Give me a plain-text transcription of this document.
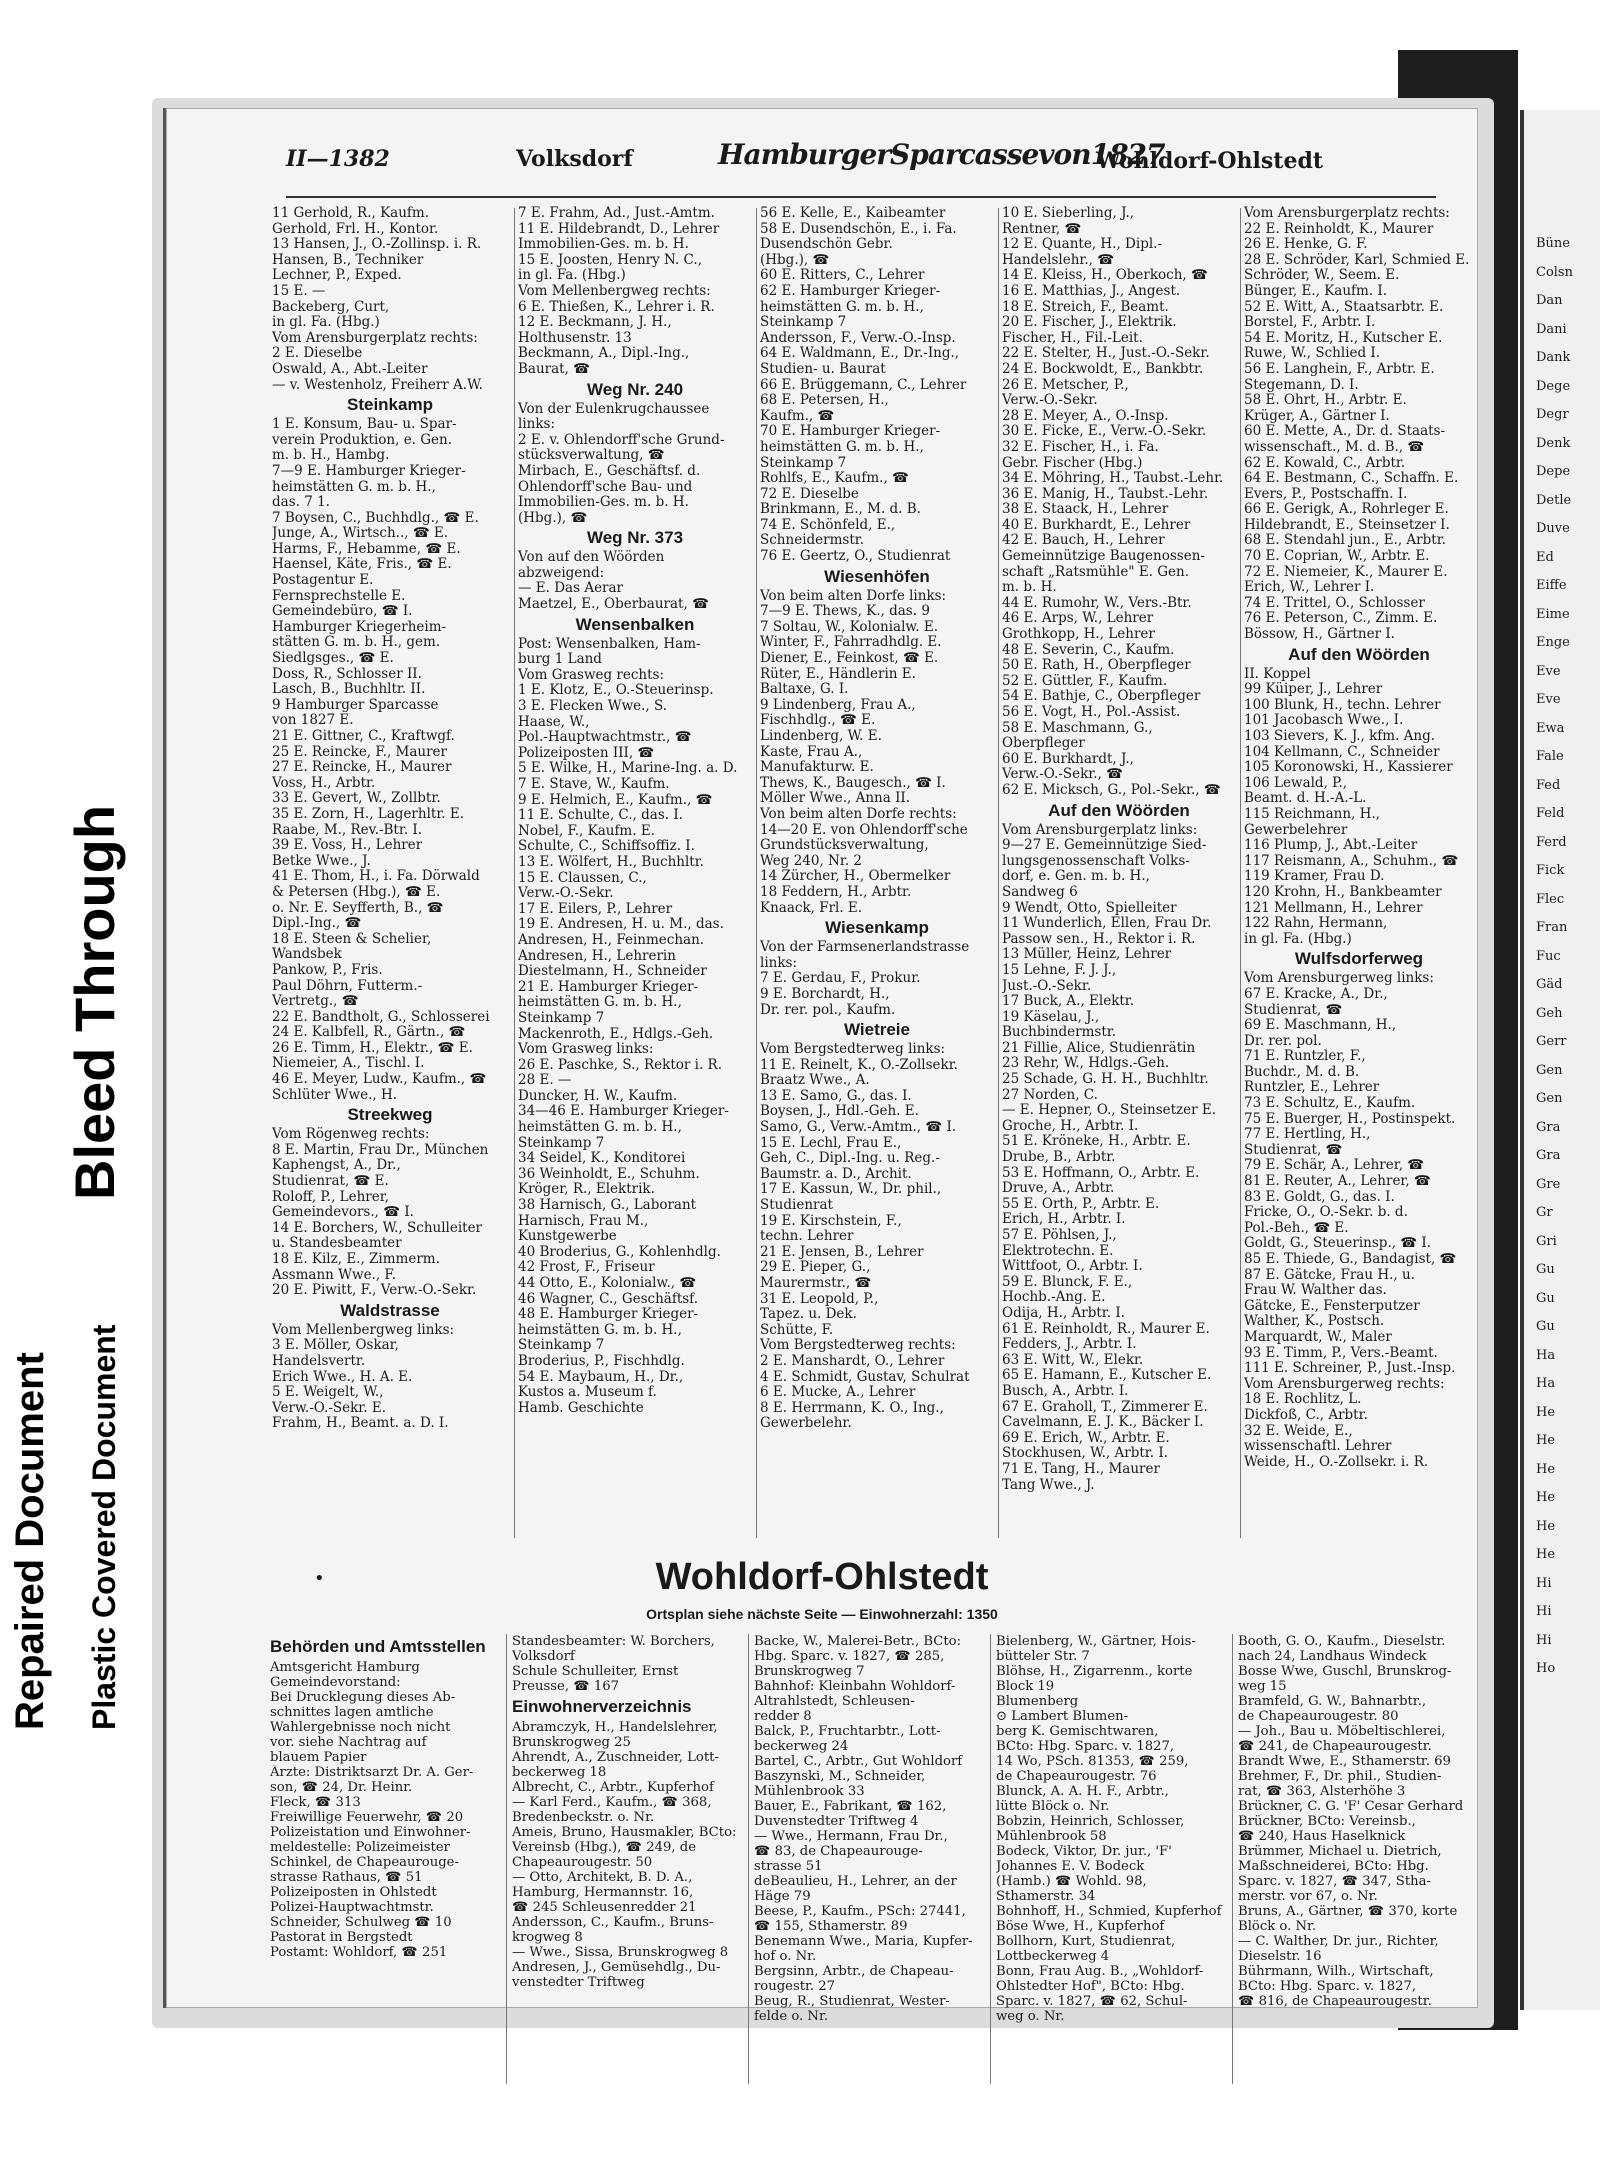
II—1382	Volksdorf	HamburgerSparcassevon1827
Wohldorf-Ohlstedt
11 Gerhold, R., Kaufm.
Gerhold, Frl. H., Kontor.
13 Hansen, J., O.-Zollinsp. i. R.
Hansen, B., Techniker
Lechner, P., Exped.
15 E. —
Backeberg, Curt,
in gl. Fa. (Hbg.)
Vom Arensburgerplatz rechts:
2 E. Dieselbe
Oswald, A., Abt.-Leiter
— v. Westenholz, Freiherr A.W.
Steinkamp
1 E. Konsum, Bau- u. Spar-
verein Produktion, e. Gen.
m. b. H., Hambg.
7—9 E. Hamburger Krieger-
heimstätten G. m. b. H.,
das. 7 1.
7 Boysen, C., Buchhdlg., ☎ E.
Junge, A., Wirtsch.., ☎ E.
Harms, F., Hebamme, ☎ E.
Haensel, Käte, Fris., ☎ E.
Postagentur E.
Fernsprechstelle E.
Gemeindebüro, ☎ I.
Hamburger Kriegerheim-
stätten G. m. b. H., gem.
Siedlgsges., ☎ E.
Doss, R., Schlosser II.
Lasch, B., Buchhltr. II.
9 Hamburger Sparcasse
von 1827 E.
21 E. Gittner, C., Kraftwgf.
25 E. Reincke, F., Maurer
27 E. Reincke, H., Maurer
Voss, H., Arbtr.
33 E. Gevert, W., Zollbtr.
35 E. Zorn, H., Lagerhltr. E.
Raabe, M., Rev.-Btr. I.
39 E. Voss, H., Lehrer
Betke Wwe., J.
41 E. Thom, H., i. Fa. Dörwald
& Petersen (Hbg.), ☎ E.
o. Nr. E. Seyfferth, B., ☎
Dipl.-Ing., ☎
18 E. Steen & Schelier,
Wandsbek
Pankow, P., Fris.
Paul Döhrn, Futterm.-
Vertretg., ☎
22 E. Bandtholt, G., Schlosserei
24 E. Kalbfell, R., Gärtn., ☎
26 E. Timm, H., Elektr., ☎ E.
Niemeier, A., Tischl. I.
46 E. Meyer, Ludw., Kaufm., ☎
Schlüter Wwe., H.
Streekweg
Vom Rögenweg rechts:
8 E. Martin, Frau Dr., München
Kaphengst, A., Dr.,
Studienrat, ☎ E.
Roloff, P., Lehrer,
Gemeindevors., ☎ I.
14 E. Borchers, W., Schulleiter
u. Standesbeamter
18 E. Kilz, E., Zimmerm.
Assmann Wwe., F.
20 E. Piwitt, F., Verw.-O.-Sekr.
Waldstrasse
Vom Mellenbergweg links:
3 E. Möller, Oskar,
Handelsvertr.
Erich Wwe., H. A. E.
5 E. Weigelt, W.,
Verw.-O.-Sekr. E.
Frahm, H., Beamt. a. D. I.
7 E. Frahm, Ad., Just.-Amtm.
11 E. Hildebrandt, D., Lehrer
Immobilien-Ges. m. b. H.
15 E. Joosten, Henry N. C.,
in gl. Fa. (Hbg.)
Vom Mellenbergweg rechts:
6 E. Thießen, K., Lehrer i. R.
12 E. Beckmann, J. H.,
Holthusenstr. 13
Beckmann, A., Dipl.-Ing.,
Baurat, ☎
Weg Nr. 240
Von der Eulenkrugchaussee
links:
2 E. v. Ohlendorff'sche Grund-
stücksverwaltung, ☎
Mirbach, E., Geschäftsf. d.
Ohlendorff'sche Bau- und
Immobilien-Ges. m. b. H.
(Hbg.), ☎
Weg Nr. 373
Von auf den Wöörden
abzweigend:
— E. Das Aerar
Maetzel, E., Oberbaurat, ☎
Wensenbalken
Post: Wensenbalken, Ham-
burg 1 Land
Vom Grasweg rechts:
1 E. Klotz, E., O.-Steuerinsp.
3 E. Flecken Wwe., S.
Haase, W.,
Pol.-Hauptwachtmstr., ☎
Polizeiposten III, ☎
5 E. Wilke, H., Marine-Ing. a. D.
7 E. Stave, W., Kaufm.
9 E. Helmich, E., Kaufm., ☎
11 E. Schulte, C., das. I.
Nobel, F., Kaufm. E.
Schulte, C., Schiffsoffiz. I.
13 E. Wölfert, H., Buchhltr.
15 E. Claussen, C.,
Verw.-O.-Sekr.
17 E. Eilers, P., Lehrer
19 E. Andresen, H. u. M., das.
Andresen, H., Feinmechan.
Andresen, H., Lehrerin
Diestelmann, H., Schneider
21 E. Hamburger Krieger-
heimstätten G. m. b. H.,
Steinkamp 7
Mackenroth, E., Hdlgs.-Geh.
Vom Grasweg links:
26 E. Paschke, S., Rektor i. R.
28 E. —
Duncker, H. W., Kaufm.
34—46 E. Hamburger Krieger-
heimstätten G. m. b. H.,
Steinkamp 7
34 Seidel, K., Konditorei
36 Weinholdt, E., Schuhm.
Kröger, R., Elektrik.
38 Harnisch, G., Laborant
Harnisch, Frau M.,
Kunstgewerbe
40 Broderius, G., Kohlenhdlg.
42 Frost, F., Friseur
44 Otto, E., Kolonialw., ☎
46 Wagner, C., Geschäftsf.
48 E. Hamburger Krieger-
heimstätten G. m. b. H.,
Steinkamp 7
Broderius, P., Fischhdlg.
54 E. Maybaum, H., Dr.,
Kustos a. Museum f.
Hamb. Geschichte
56 E. Kelle, E., Kaibeamter
58 E. Dusendschön, E., i. Fa.
Dusendschön Gebr.
(Hbg.), ☎
60 E. Ritters, C., Lehrer
62 E. Hamburger Krieger-
heimstätten G. m. b. H.,
Steinkamp 7
Andersson, F., Verw.-O.-Insp.
64 E. Waldmann, E., Dr.-Ing.,
Studien- u. Baurat
66 E. Brüggemann, C., Lehrer
68 E. Petersen, H.,
Kaufm., ☎
70 E. Hamburger Krieger-
heimstätten G. m. b. H.,
Steinkamp 7
Rohlfs, E., Kaufm., ☎
72 E. Dieselbe
Brinkmann, E., M. d. B.
74 E. Schönfeld, E.,
Schneidermstr.
76 E. Geertz, O., Studienrat
Wiesenhöfen
Von beim alten Dorfe links:
7—9 E. Thews, K., das. 9
7 Soltau, W., Kolonialw. E.
Winter, F., Fahrradhdlg. E.
Diener, E., Feinkost, ☎ E.
Rüter, E., Händlerin E.
Baltaxe, G. I.
9 Lindenberg, Frau A.,
Fischhdlg., ☎ E.
Lindenberg, W. E.
Kaste, Frau A.,
Manufakturw. E.
Thews, K., Baugesch., ☎ I.
Möller Wwe., Anna II.
Von beim alten Dorfe rechts:
14—20 E. von Ohlendorff'sche
Grundstücksverwaltung,
Weg 240, Nr. 2
14 Zürcher, H., Obermelker
18 Feddern, H., Arbtr.
Knaack, Frl. E.
Wiesenkamp
Von der Farmsenerlandstrasse
links:
7 E. Gerdau, F., Prokur.
9 E. Borchardt, H.,
Dr. rer. pol., Kaufm.
Wietreie
Vom Bergstedterweg links:
11 E. Reinelt, K., O.-Zollsekr.
Braatz Wwe., A.
13 E. Samo, G., das. I.
Boysen, J., Hdl.-Geh. E.
Samo, G., Verw.-Amtm., ☎ I.
15 E. Lechl, Frau E.,
Geh, C., Dipl.-Ing. u. Reg.-
Baumstr. a. D., Archit.
17 E. Kassun, W., Dr. phil.,
Studienrat
19 E. Kirschstein, F.,
techn. Lehrer
21 E. Jensen, B., Lehrer
29 E. Pieper, G.,
Maurermstr., ☎
31 E. Leopold, P.,
Tapez. u. Dek.
Schütte, F.
Vom Bergstedterweg rechts:
2 E. Manshardt, O., Lehrer
4 E. Schmidt, Gustav, Schulrat
6 E. Mucke, A., Lehrer
8 E. Herrmann, K. O., Ing.,
Gewerbelehr.
10 E. Sieberling, J.,
Rentner, ☎
12 E. Quante, H., Dipl.-
Handelslehr., ☎
14 E. Kleiss, H., Oberkoch, ☎
16 E. Matthias, J., Angest.
18 E. Streich, F., Beamt.
20 E. Fischer, J., Elektrik.
Fischer, H., Fil.-Leit.
22 E. Stelter, H., Just.-O.-Sekr.
24 E. Bockwoldt, E., Bankbtr.
26 E. Metscher, P.,
Verw.-O.-Sekr.
28 E. Meyer, A., O.-Insp.
30 E. Ficke, E., Verw.-O.-Sekr.
32 E. Fischer, H., i. Fa.
Gebr. Fischer (Hbg.)
34 E. Möhring, H., Taubst.-Lehr.
36 E. Manig, H., Taubst.-Lehr.
38 E. Staack, H., Lehrer
40 E. Burkhardt, E., Lehrer
42 E. Bauch, H., Lehrer
Gemeinnützige Baugenossen-
schaft „Ratsmühle" E. Gen.
m. b. H.
44 E. Rumohr, W., Vers.-Btr.
46 E. Arps, W., Lehrer
Grothkopp, H., Lehrer
48 E. Severin, C., Kaufm.
50 E. Rath, H., Oberpfleger
52 E. Güttler, F., Kaufm.
54 E. Bathje, C., Oberpfleger
56 E. Vogt, H., Pol.-Assist.
58 E. Maschmann, G.,
Oberpfleger
60 E. Burkhardt, J.,
Verw.-O.-Sekr., ☎
62 E. Micksch, G., Pol.-Sekr., ☎
Auf den Wöörden
Vom Arensburgerplatz links:
9—27 E. Gemeinnützige Sied-
lungsgenossenschaft Volks-
dorf, e. Gen. m. b. H.,
Sandweg 6
9 Wendt, Otto, Spielleiter
11 Wunderlich, Ellen, Frau Dr.
Passow sen., H., Rektor i. R.
13 Müller, Heinz, Lehrer
15 Lehne, F. J. J.,
Just.-O.-Sekr.
17 Buck, A., Elektr.
19 Käselau, J.,
Buchbindermstr.
21 Fillie, Alice, Studienrätin
23 Rehr, W., Hdlgs.-Geh.
25 Schade, G. H. H., Buchhltr.
27 Norden, C.
— E. Hepner, O., Steinsetzer E.
Groche, H., Arbtr. I.
51 E. Kröneke, H., Arbtr. E.
Drube, B., Arbtr.
53 E. Hoffmann, O., Arbtr. E.
Druve, A., Arbtr.
55 E. Orth, P., Arbtr. E.
Erich, H., Arbtr. I.
57 E. Pöhlsen, J.,
Elektrotechn. E.
Wittfoot, O., Arbtr. I.
59 E. Blunck, F. E.,
Hochb.-Ang. E.
Odija, H., Arbtr. I.
61 E. Reinholdt, R., Maurer E.
Fedders, J., Arbtr. I.
63 E. Witt, W., Elekr.
65 E. Hamann, E., Kutscher E.
Busch, A., Arbtr. I.
67 E. Graholl, T., Zimmerer E.
Cavelmann, E. J. K., Bäcker I.
69 E. Erich, W., Arbtr. E.
Stockhusen, W., Arbtr. I.
71 E. Tang, H., Maurer
Tang Wwe., J.
Vom Arensburgerplatz rechts:
22 E. Reinholdt, K., Maurer
26 E. Henke, G. F.
28 E. Schröder, Karl, Schmied E.
Schröder, W., Seem. E.
Bünger, E., Kaufm. I.
52 E. Witt, A., Staatsarbtr. E.
Borstel, F., Arbtr. I.
54 E. Moritz, H., Kutscher E.
Ruwe, W., Schlied I.
56 E. Langhein, F., Arbtr. E.
Stegemann, D. I.
58 E. Ohrt, H., Arbtr. E.
Krüger, A., Gärtner I.
60 E. Mette, A., Dr. d. Staats-
wissenschaft., M. d. B., ☎
62 E. Kowald, C., Arbtr.
64 E. Bestmann, C., Schaffn. E.
Evers, P., Postschaffn. I.
66 E. Gerigk, A., Rohrleger E.
Hildebrandt, E., Steinsetzer I.
68 E. Stendahl jun., E., Arbtr.
70 E. Coprian, W., Arbtr. E.
72 E. Niemeier, K., Maurer E.
Erich, W., Lehrer I.
74 E. Trittel, O., Schlosser
76 E. Peterson, C., Zimm. E.
Bössow, H., Gärtner I.
Auf den Wöörden
II. Koppel
99 Küiper, J., Lehrer
100 Blunk, H., techn. Lehrer
101 Jacobasch Wwe., I.
103 Sievers, K. J., kfm. Ang.
104 Kellmann, C., Schneider
105 Koronowski, H., Kassierer
106 Lewald, P.,
Beamt. d. H.-A.-L.
115 Reichmann, H.,
Gewerbelehrer
116 Plump, J., Abt.-Leiter
117 Reismann, A., Schuhm., ☎
119 Kramer, Frau D.
120 Krohn, H., Bankbeamter
121 Mellmann, H., Lehrer
122 Rahn, Hermann,
in gl. Fa. (Hbg.)
Wulfsdorferweg
Vom Arensburgerweg links:
67 E. Kracke, A., Dr.,
Studienrat, ☎
69 E. Maschmann, H.,
Dr. rer. pol.
71 E. Runtzler, F.,
Buchdr., M. d. B.
Runtzler, E., Lehrer
73 E. Schultz, E., Kaufm.
75 E. Buerger, H., Postinspekt.
77 E. Hertling, H.,
Studienrat, ☎
79 E. Schär, A., Lehrer, ☎
81 E. Reuter, A., Lehrer, ☎
83 E. Goldt, G., das. I.
Fricke, O., O.-Sekr. b. d.
Pol.-Beh., ☎ E.
Goldt, G., Steuerinsp., ☎ I.
85 E. Thiede, G., Bandagist, ☎
87 E. Gätcke, Frau H., u.
Frau W. Walther das.
Gätcke, E., Fensterputzer
Walther, K., Postsch.
Marquardt, W., Maler
93 E. Timm, P., Vers.-Beamt.
111 E. Schreiner, P., Just.-Insp.
Vom Arensburgerweg rechts:
18 E. Rochlitz, L.
Dickfoß, C., Arbtr.
32 E. Weide, E.,
wissenschaftl. Lehrer
Weide, H., O.-Zollsekr. i. R.
•	Wohldorf-Ohlstedt
Ortsplan siehe nächste Seite — Einwohnerzahl: 1350
Behörden und Amtsstellen
Amtsgericht Hamburg
Gemeindevorstand:
Bei Drucklegung dieses Ab-
schnittes lagen amtliche
Wahlergebnisse noch nicht
vor. siehe Nachtrag auf
blauem Papier
Ärzte: Distriktsarzt Dr. A. Ger-
son, ☎ 24, Dr. Heinr.
Fleck, ☎ 313
Freiwillige Feuerwehr, ☎ 20
Polizeistation und Einwohner-
meldestelle: Polizeimeister
Schinkel, de Chapeaurouge-
strasse Rathaus, ☎ 51
Polizeiposten in Ohlstedt
Polizei-Hauptwachtmstr.
Schneider, Schulweg ☎ 10
Pastorat in Bergstedt
Postamt: Wohldorf, ☎ 251
Standesbeamter: W. Borchers,
Volksdorf
Schule Schulleiter, Ernst
Preusse, ☎ 167
Einwohnerverzeichnis
Abramczyk, H., Handelslehrer,
Brunskrogweg 25
Ahrendt, A., Zuschneider, Lott-
beckerweg 18
Albrecht, C., Arbtr., Kupferhof
— Karl Ferd., Kaufm., ☎ 368,
Bredenbeckstr. o. Nr.
Ameis, Bruno, Hausmakler, BCto:
Vereinsb (Hbg.), ☎ 249, de
Chapeaurougestr. 50
— Otto, Architekt, B. D. A.,
Hamburg, Hermannstr. 16,
☎ 245 Schleusenredder 21
Andersson, C., Kaufm., Bruns-
krogweg 8
— Wwe., Sissa, Brunskrogweg 8
Andresen, J., Gemüsehdlg., Du-
venstedter Triftweg
Backe, W., Malerei-Betr., BCto:
Hbg. Sparc. v. 1827, ☎ 285,
Brunskrogweg 7
Bahnhof: Kleinbahn Wohldorf-
Altrahlstedt, Schleusen-
redder 8
Balck, P., Fruchtarbtr., Lott-
beckerweg 24
Bartel, C., Arbtr., Gut Wohldorf
Baszynski, M., Schneider,
Mühlenbrook 33
Bauer, E., Fabrikant, ☎ 162,
Duvenstedter Triftweg 4
— Wwe., Hermann, Frau Dr.,
☎ 83, de Chapeaurouge-
strasse 51
deBeaulieu, H., Lehrer, an der
Häge 79
Beese, P., Kaufm., PSch: 27441,
☎ 155, Sthamerstr. 89
Benemann Wwe., Maria, Kupfer-
hof o. Nr.
Bergsinn, Arbtr., de Chapeau-
rougestr. 27
Beug, R., Studienrat, Wester-
felde o. Nr.
Bielenberg, W., Gärtner, Hois-
bütteler Str. 7
Blöhse, H., Zigarrenm., korte
Block 19
Blumenberg
⊙ Lambert Blumen-
berg K. Gemischtwaren,
BCto: Hbg. Sparc. v. 1827,
14 Wo, PSch. 81353, ☎ 259,
de Chapeaurougestr. 76
Blunck, A. A. H. F., Arbtr.,
lütte Blöck o. Nr.
Bobzin, Heinrich, Schlosser,
Mühlenbrook 58
Bodeck, Viktor, Dr. jur., 'F'
Johannes E. V. Bodeck
(Hamb.) ☎ Wohld. 98,
Sthamerstr. 34
Bohnhoff, H., Schmied, Kupferhof
Böse Wwe, H., Kupferhof
Bollhorn, Kurt, Studienrat,
Lottbeckerweg 4
Bonn, Frau Aug. B., „Wohldorf-
Ohlstedter Hof", BCto: Hbg.
Sparc. v. 1827, ☎ 62, Schul-
weg o. Nr.
Booth, G. O., Kaufm., Dieselstr.
nach 24, Landhaus Windeck
Bosse Wwe, Guschl, Brunskrog-
weg 15
Bramfeld, G. W., Bahnarbtr.,
de Chapeaurougestr. 80
— Joh., Bau u. Möbeltischlerei,
☎ 241, de Chapeaurougestr.
Brandt Wwe, E., Sthamerstr. 69
Brehmer, F., Dr. phil., Studien-
rat, ☎ 363, Alsterhöhe 3
Brückner, C. G. 'F' Cesar Gerhard
Brückner, BCto: Vereinsb.,
☎ 240, Haus Haselknick
Brümmer, Michael u. Dietrich,
Maßschneiderei, BCto: Hbg.
Sparc. v. 1827, ☎ 347, Stha-
merstr. vor 67, o. Nr.
Bruns, A., Gärtner, ☎ 370, korte
Blöck o. Nr.
— C. Walther, Dr. jur., Richter,
Dieselstr. 16
Bührmann, Wilh., Wirtschaft,
BCto: Hbg. Sparc. v. 1827,
☎ 816, de Chapeaurougestr.
Büne
Colsn
Dan
Dani
Dank
Dege
Degr
Denk
Depe
Detle
Duve
Ed
Eiffe
Eime
Enge
Eve
Eve
Ewa
Fale
Fed
Feld
Ferd
Fick
Flec
Fran
Fuc
Gäd
Geh
Gerr
Gen
Gen
Gra
Gra
Gre
Gr
Gri
Gu
Gu
Gu
Ha
Ha
He
He
He
He
He
He
Hi
Hi
Hi
Ho
Bleed Through
Repaired Document Plastic Covered Document
